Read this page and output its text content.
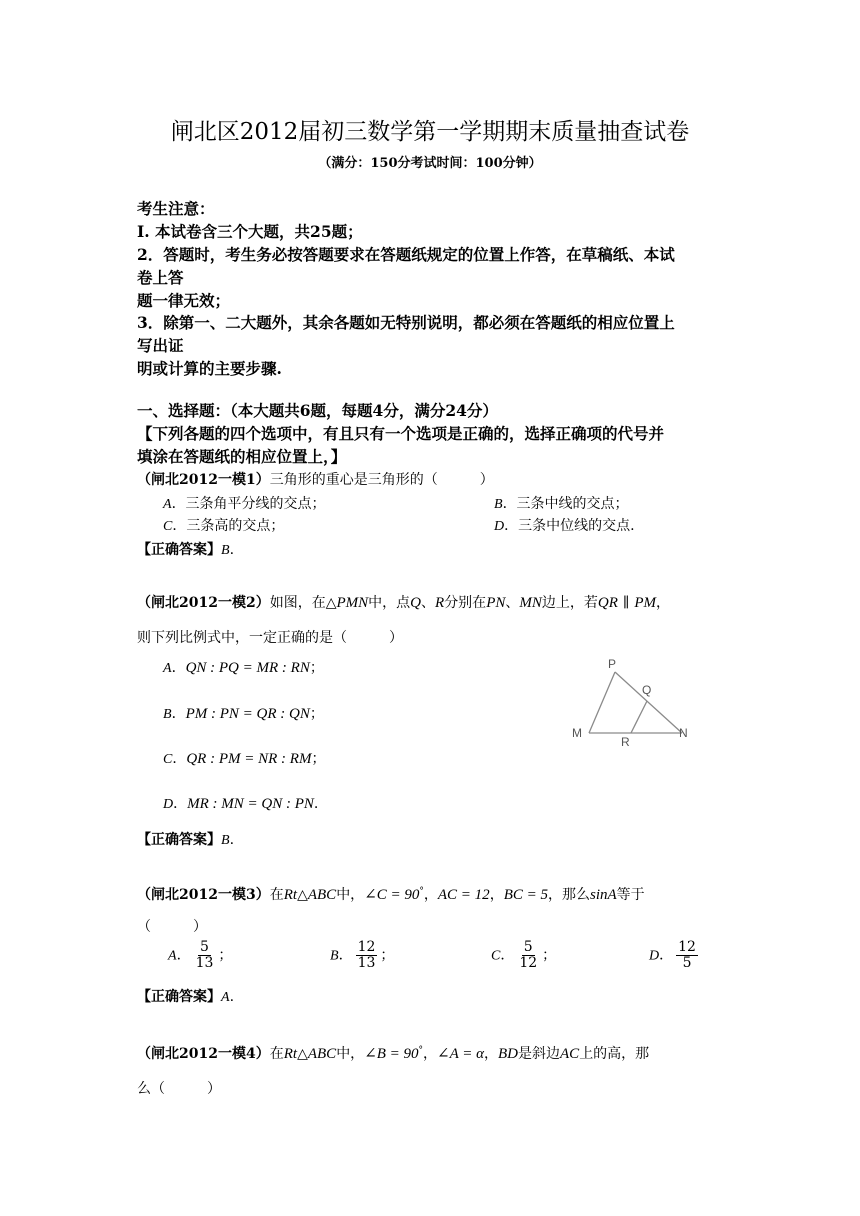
闸北区2012届初三数学第一学期期末质量抽查试卷
（满分：150分考试时间：100分钟）
考生注意：
I. 本试卷含三个大题，共25题；
2．答题时，考生务必按答题要求在答题纸规定的位置上作答，在草稿纸、本试
卷上答
题一律无效；
3．除第一、二大题外，其余各题如无特别说明，都必须在答题纸的相应位置上
写出证
明或计算的主要步骤.
一、选择题：（本大题共6题，每题4分，满分24分）
【下列各题的四个选项中，有且只有一个选项是正确的，选择正确项的代号并
填涂在答题纸的相应位置上，】
（闸北2012一模1）三角形的重心是三角形的（　　　）
A．三条角平分线的交点；	B．三条中线的交点；
C．三条高的交点；	D．三条中位线的交点.
【正确答案】B.
（闸北2012一模2）如图，在△PMN中，点Q、R分别在PN、MN边上，若QR ∥ PM，
则下列比例式中，一定正确的是（　　　）
A．QN : PQ = MR : RN；
B．PM : PN = QR : QN；
C．QR : PM = NR : RM；
D．MR : MN = QN : PN.
P
Q
M
R
N
【正确答案】B.
（闸北2012一模3）在Rt△ABC中，∠C = 90°，AC = 12，BC = 5，那么sinA等于
（　　　）
A． $\frac{5}{13}$ ；	B． $\frac{12}{13}$ ；	C． $\frac{5}{12}$ ；	D． $\frac{12}{5}$
【正确答案】A.
（闸北2012一模4）在Rt△ABC中，∠B = 90°，∠A = α，BD是斜边AC上的高，那
么（　　　）
